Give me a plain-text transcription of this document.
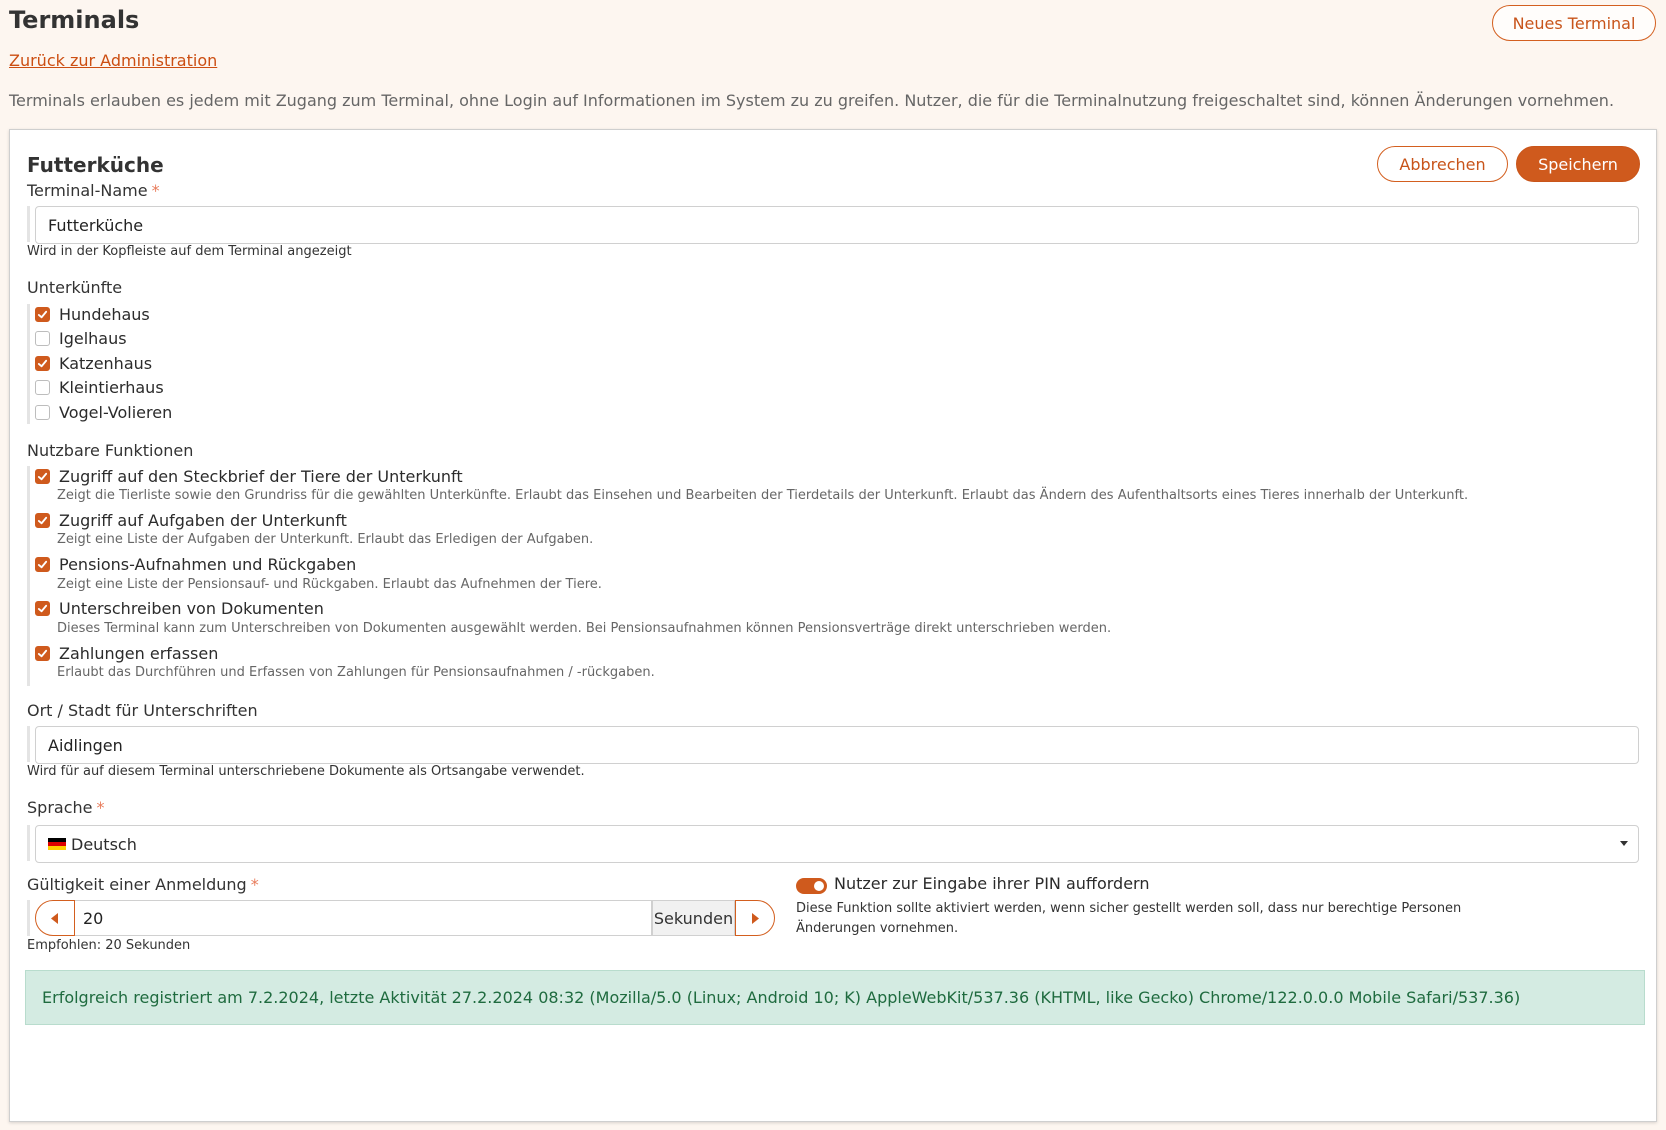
Terminals	Neues Terminal
Zurück zur Administration
Terminals erlauben es jedem mit Zugang zum Terminal, ohne Login auf Informationen im System zu zu greifen. Nutzer, die für die Terminalnutzung freigeschaltet sind, können Änderungen vornehmen.
Futterküche	Abbrechen	Speichern
Terminal-Name *
Futterküche
Wird in der Kopfleiste auf dem Terminal angezeigt
Unterkünfte
Nutzbare Funktionen
Ort / Stadt für Unterschriften
Aidlingen
Wird für auf diesem Terminal unterschriebene Dokumente als Ortsangabe verwendet.
Sprache *
Deutsch
Gültigkeit einer Anmeldung *
20
Sekunden
Empfohlen: 20 Sekunden
Nutzer zur Eingabe ihrer PIN auffordern
Diese Funktion sollte aktiviert werden, wenn sicher gestellt werden soll, dass nur berechtige Personen Änderungen vornehmen.
Erfolgreich registriert am 7.2.2024, letzte Aktivität 27.2.2024 08:32 (Mozilla/5.0 (Linux; Android 10; K) AppleWebKit/537.36 (KHTML, like Gecko) Chrome/122.0.0.0 Mobile Safari/537.36)
Hundehaus
Igelhaus
Katzenhaus
Kleintierhaus
Vogel-Volieren
Zugriff auf den Steckbrief der Tiere der Unterkunft
Zeigt die Tierliste sowie den Grundriss für die gewählten Unterkünfte. Erlaubt das Einsehen und Bearbeiten der Tierdetails der Unterkunft. Erlaubt das Ändern des Aufenthaltsorts eines Tieres innerhalb der Unterkunft.
Zugriff auf Aufgaben der Unterkunft
Zeigt eine Liste der Aufgaben der Unterkunft. Erlaubt das Erledigen der Aufgaben.
Pensions-Aufnahmen und Rückgaben
Zeigt eine Liste der Pensionsauf- und Rückgaben. Erlaubt das Aufnehmen der Tiere.
Unterschreiben von Dokumenten
Dieses Terminal kann zum Unterschreiben von Dokumenten ausgewählt werden. Bei Pensionsaufnahmen können Pensionsverträge direkt unterschrieben werden.
Zahlungen erfassen
Erlaubt das Durchführen und Erfassen von Zahlungen für Pensionsaufnahmen / -rückgaben.
